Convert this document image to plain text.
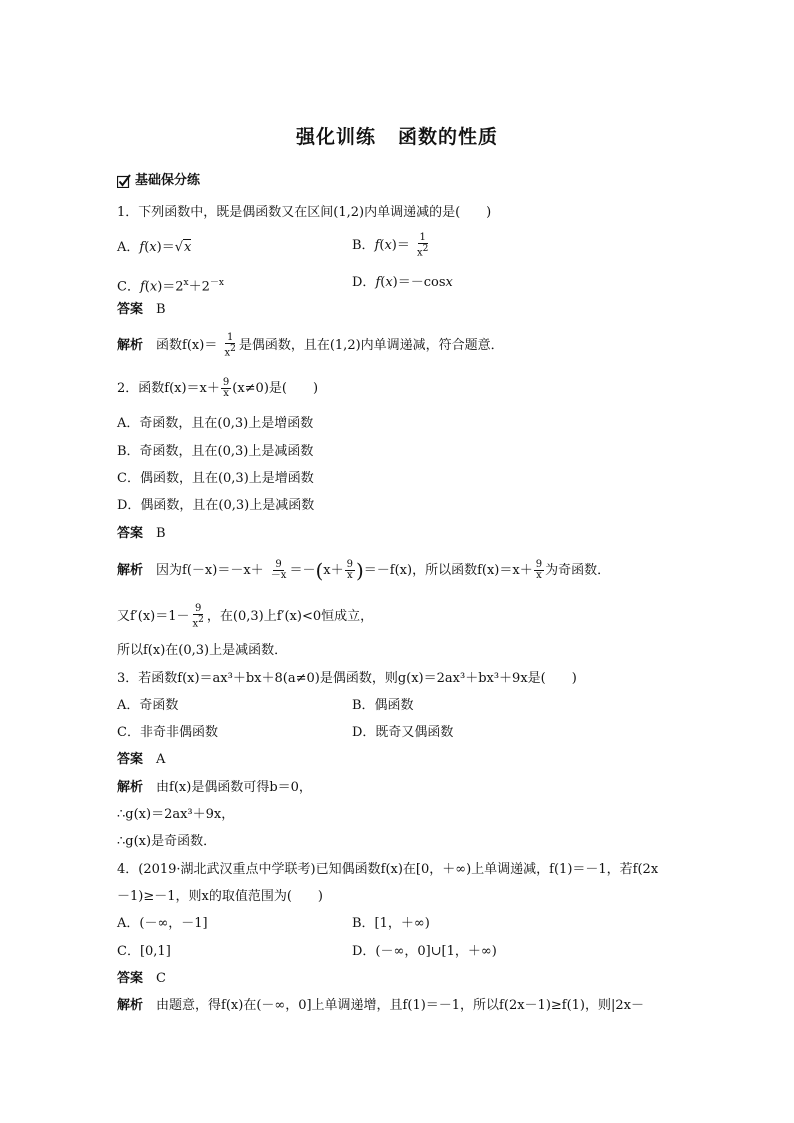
强化训练 函数的性质
基础保分练
1．下列函数中，既是偶函数又在区间(1,2)内单调递减的是(　　)
A．f(x)＝√x	B．$f(x)= \frac{1}{x^2}$
C．$f(x)=2^x+2^{-x}$	D．f(x)＝－cosx
答案　 B
解析　 函数$f(x)= \frac{1}{x^2}$ 是偶函数，且在(1,2)内单调递减，符合题意．
2．函数$f(x)=x+ \frac{9}{x} (x\ne 0)$是(　　)
A．奇函数，且在(0,3)上是增函数
B．奇函数，且在(0,3)上是减函数
C．偶函数，且在(0,3)上是增函数
D．偶函数，且在(0,3)上是减函数
答案　 B
解析　 因为$f(-x)=-x+ \frac{9}{-x} =-(x+ \frac{9}{x} )=-f(x)$，所以函数$f(x)=x+ \frac{9}{x}$ 为奇函数．
又$f'(x)=1- \frac{9}{x^2}$ ，在(0,3)上f′(x)<0恒成立，
所以f(x)在(0,3)上是减函数．
3．若函数f(x)＝ax³＋bx＋8(a≠0)是偶函数，则g(x)＝2ax³＋bx³＋9x是(　　)
A．奇函数	B．偶函数
C．非奇非偶函数	D．既奇又偶函数
答案　 A
解析　 由f(x)是偶函数可得b＝0，
∴g(x)＝2ax³＋9x，
∴g(x)是奇函数．
4．(2019·湖北武汉重点中学联考)已知偶函数f(x)在[0，＋∞)上单调递减，f(1)＝－1，若f(2x
－1)≥－1，则x的取值范围为(　　)
A．(－∞，－1]	B．[1，＋∞)
C．[0,1]	D．(－∞，0]∪[1，＋∞)
答案　 C
解析　 由题意，得f(x)在(－∞，0]上单调递增，且f(1)＝－1，所以f(2x－1)≥f(1)，则|2x－
